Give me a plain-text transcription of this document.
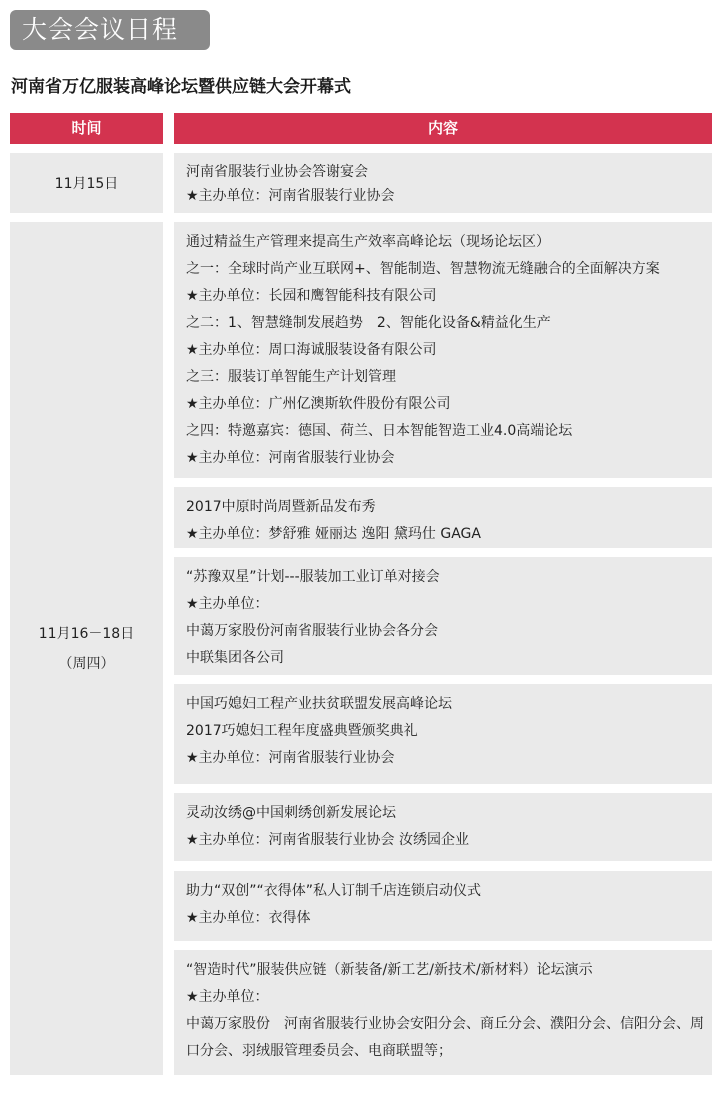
大会会议日程
河南省万亿服装高峰论坛暨供应链大会开幕式
时间	内容
11月15日
11月16－18日
（周四）
河南省服装行业协会答谢宴会
★主办单位：河南省服装行业协会
通过精益生产管理来提高生产效率高峰论坛（现场论坛区）
之一：全球时尚产业互联网+、智能制造、智慧物流无缝融合的全面解决方案
★主办单位：长园和鹰智能科技有限公司
之二：1、智慧缝制发展趋势　2、智能化设备&精益化生产
★主办单位：周口海诚服装设备有限公司
之三：服装订单智能生产计划管理
★主办单位：广州亿澳斯软件股份有限公司
之四：特邀嘉宾：德国、荷兰、日本智能智造工业4.0高端论坛
★主办单位：河南省服装行业协会
2017中原时尚周暨新品发布秀
★主办单位：梦舒雅 娅丽达 逸阳 黛玛仕 GAGA
“苏豫双星”计划---服装加工业订单对接会
★主办单位：
中蔼万家股份河南省服装行业协会各分会
中联集团各公司
中国巧媳妇工程产业扶贫联盟发展高峰论坛
2017巧媳妇工程年度盛典暨颁奖典礼
★主办单位：河南省服装行业协会
灵动汝绣@中国刺绣创新发展论坛
★主办单位：河南省服装行业协会 汝绣园企业
助力“双创”“衣得体”私人订制千店连锁启动仪式
★主办单位：衣得体
“智造时代”服装供应链（新装备/新工艺/新技术/新材料）论坛演示
★主办单位：
中蔼万家股份　河南省服装行业协会安阳分会、商丘分会、濮阳分会、信阳分会、周口分会、羽绒服管理委员会、电商联盟等；
